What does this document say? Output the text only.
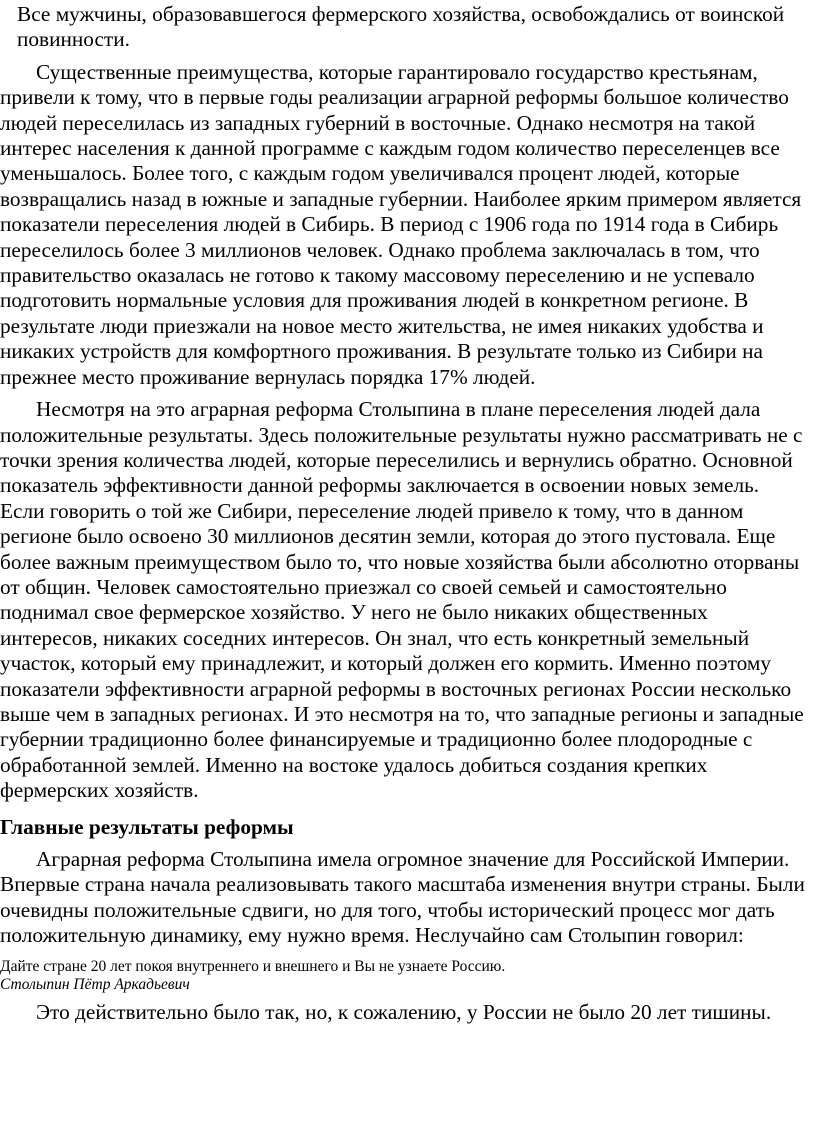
Все мужчины, образовавшегося фермерского хозяйства, освобождались от воинской повинности.

Существенные преимущества, которые гарантировало государство крестьянам, привели к тому, что в первые годы реализации аграрной реформы большое количество людей переселилась из западных губерний в восточные. Однако несмотря на такой интерес населения к данной программе с каждым годом количество переселенцев все уменьшалось. Более того, с каждым годом увеличивался процент людей, которые возвращались назад в южные и западные губернии. Наиболее ярким примером является показатели переселения людей в Сибирь. В период с 1906 года по 1914 года в Сибирь переселилось более 3 миллионов человек. Однако проблема заключалась в том, что правительство оказалась не готово к такому массовому переселению и не успевало подготовить нормальные условия для проживания людей в конкретном регионе. В результате люди приезжали на новое место жительства, не имея никаких удобства и никаких устройств для комфортного проживания. В результате только из Сибири на прежнее место проживание вернулась порядка 17% людей.

Несмотря на это аграрная реформа Столыпина в плане переселения людей дала положительные результаты. Здесь положительные результаты нужно рассматривать не с точки зрения количества людей, которые переселились и вернулись обратно. Основной показатель эффективности данной реформы заключается в освоении новых земель. Если говорить о той же Сибири, переселение людей привело к тому, что в данном регионе было освоено 30 миллионов десятин земли, которая до этого пустовала. Еще более важным преимуществом было то, что новые хозяйства были абсолютно оторваны от общин. Человек самостоятельно приезжал со своей семьей и самостоятельно поднимал свое фермерское хозяйство. У него не было никаких общественных интересов, никаких соседних интересов. Он знал, что есть конкретный земельный участок, который ему принадлежит, и который должен его кормить. Именно поэтому показатели эффективности аграрной реформы в восточных регионах России несколько выше чем в западных регионах. И это несмотря на то, что западные регионы и западные губернии традиционно более финансируемые и традиционно более плодородные с обработанной землей. Именно на востоке удалось добиться создания крепких фермерских хозяйств.

Главные результаты реформы

Аграрная реформа Столыпина имела огромное значение для Российской Империи. Впервые страна начала реализовывать такого масштаба изменения внутри страны. Были очевидны положительные сдвиги, но для того, чтобы исторический процесс мог дать положительную динамику, ему нужно время. Неслучайно сам Столыпин говорил:

Дайте стране 20 лет покоя внутреннего и внешнего и Вы не узнаете Россию.
Столыпин Пётр Аркадьевич

Это действительно было так, но, к сожалению, у России не было 20 лет тишины.
